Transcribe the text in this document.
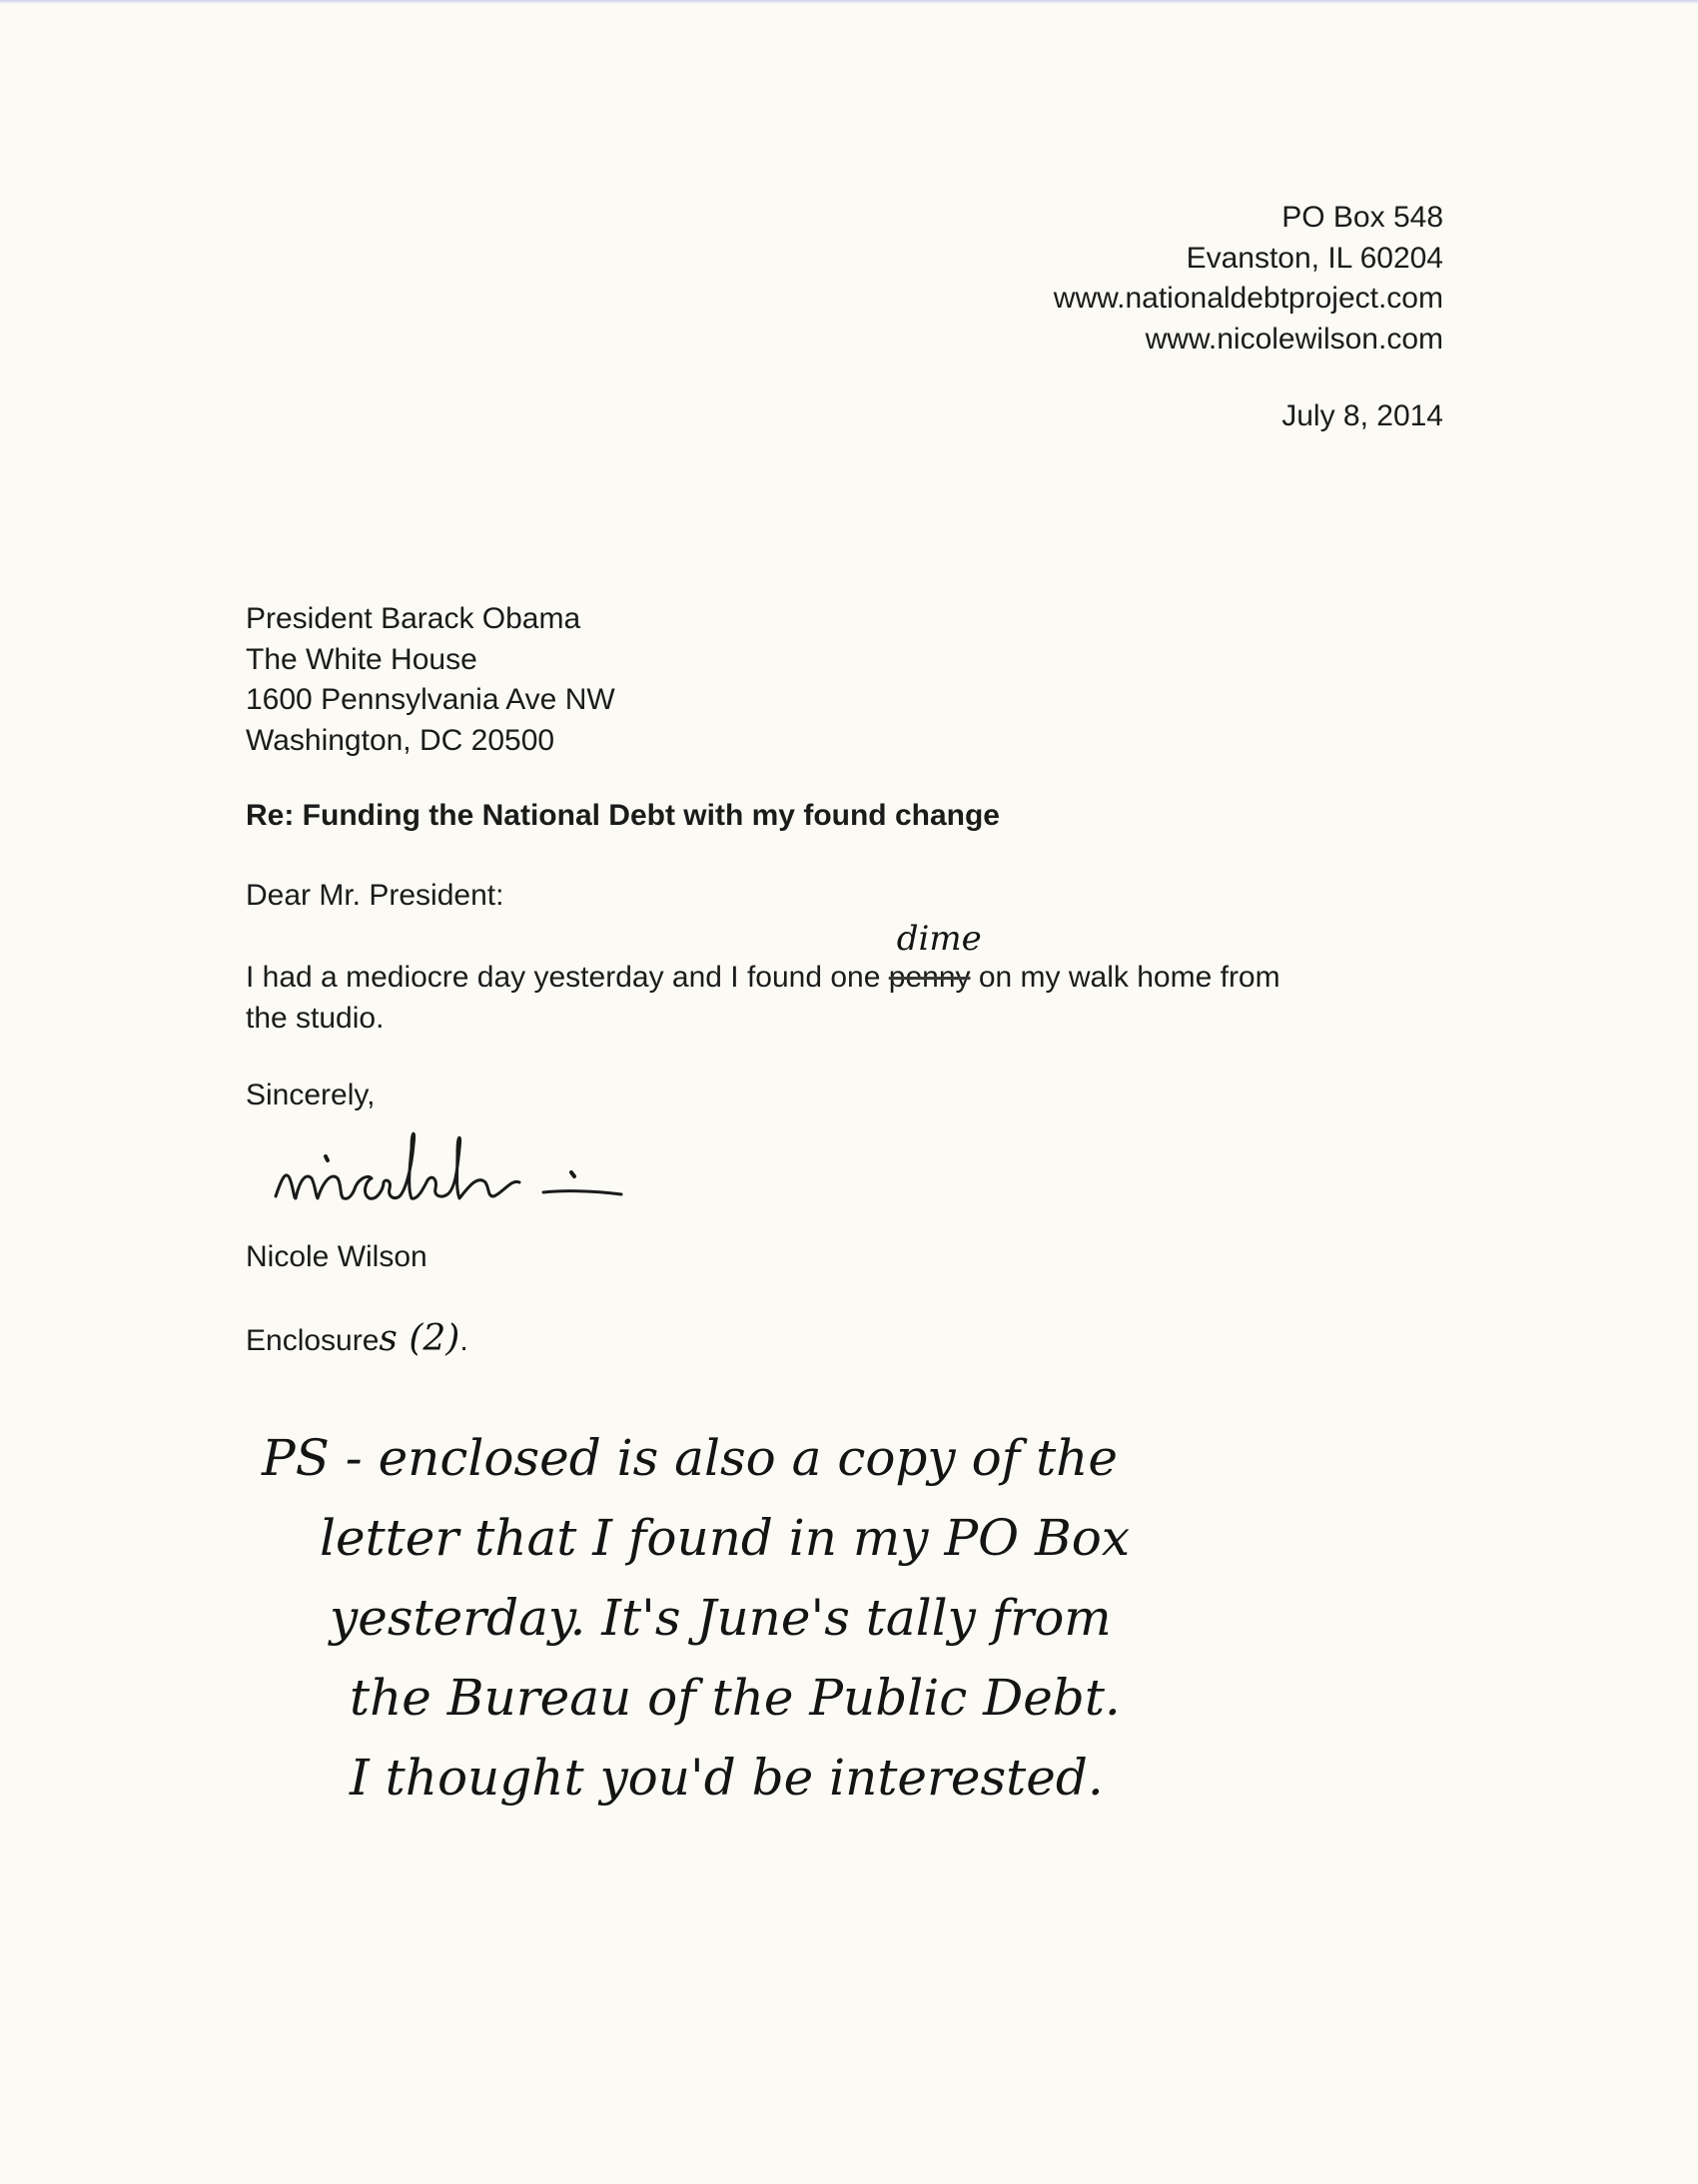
PO Box 548
Evanston, IL 60204
www.nationaldebtproject.com
www.nicolewilson.com
July 8, 2014
President Barack Obama
The White House
1600 Pennsylvania Ave NW
Washington, DC 20500
Re: Funding the National Debt with my found change
Dear Mr. President:
I had a mediocre day yesterday and I found one penny
dime
on my walk home from
the studio.
Sincerely,
Nicole Wilson
Enclosures (2).
PS - enclosed is also a copy of the
letter that I found in my PO Box
yesterday. It's June's tally from
the Bureau of the Public Debt.
I thought you'd be interested.
